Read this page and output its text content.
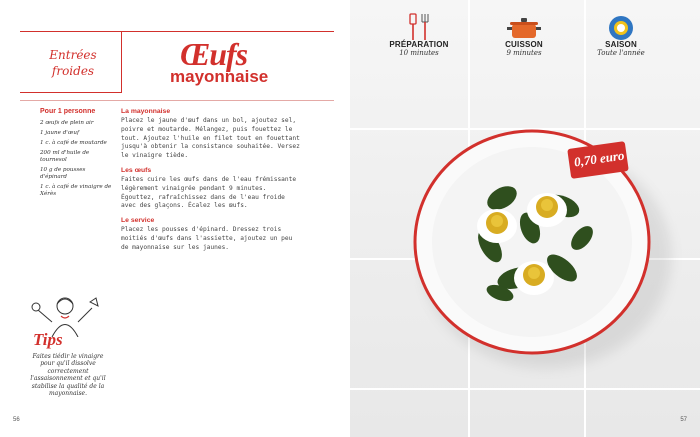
Entrées froides	Œufs
mayonnaise
Pour 1 personne
2 œufs de plein air
1 jaune d'œuf
1 c. à café de moutarde
200 ml d'huile de tournesol
10 g de pousses d'épinard
1 c. à café de vinaigre de Xérès
La mayonnaise
Placez le jaune d'œuf dans un bol, ajoutez sel, poivre et moutarde. Mélangez, puis fouettez le tout. Ajoutez l'huile en filet tout en fouettant jusqu'à obtenir la consistance souhaitée. Versez le vinaigre tiède.
Les œufs
Faites cuire les œufs dans de l'eau frémissante légèrement vinaigrée pendant 9 minutes. Égouttez, rafraîchissez dans de l'eau froide avec des glaçons. Écalez les œufs.
Le service
Placez les pousses d'épinard. Dressez trois moitiés d'œufs dans l'assiette, ajoutez un peu de mayonnaise sur les jaunes.
Tips
Faites tiédir le vinaigre pour qu'il dissolve correctement l'assaisonnement et qu'il stabilise la qualité de la mayonnaise.
56
PRÉPARATION
10 minutes
CUISSON
9 minutes
SAISON
Toute l'année
0,70 euro
57
